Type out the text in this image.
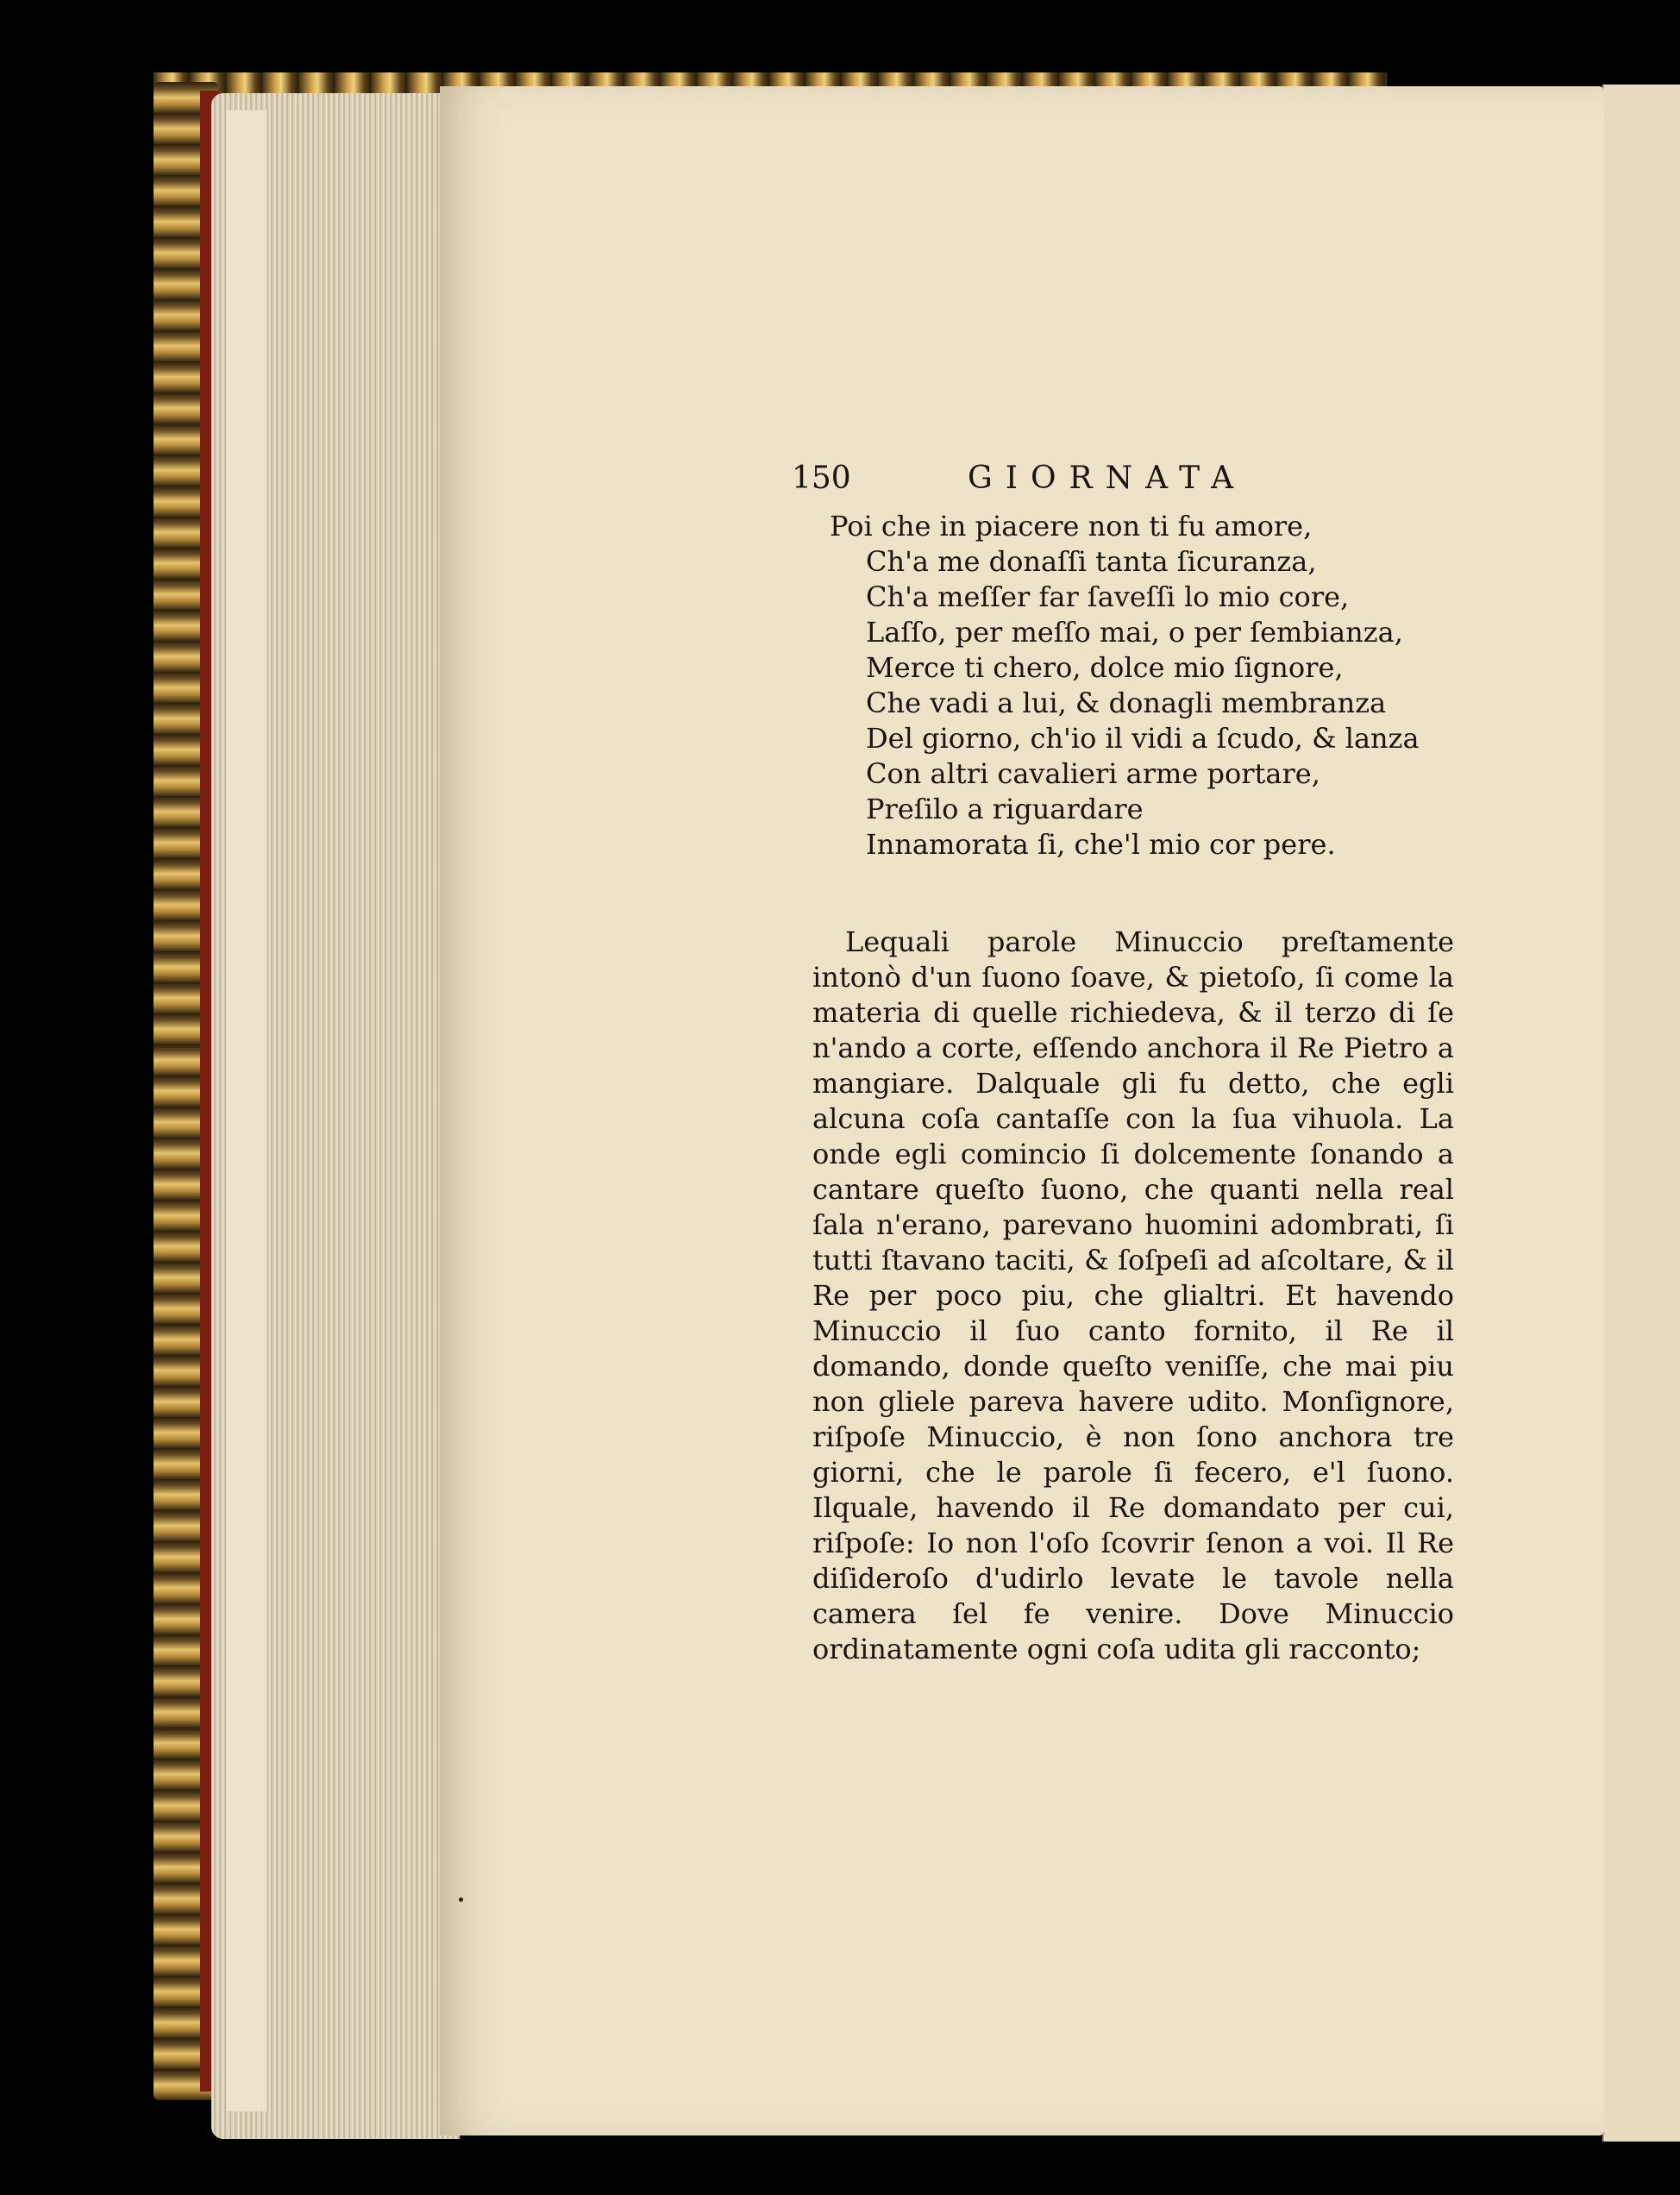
150	GIORNATA
Poi che in piacere non ti fu amore,
Ch'a me donaſſi tanta ſicuranza,
Ch'a meſſer far ſaveſſi lo mio core,
Laſſo, per meſſo mai, o per ſembianza,
Merce ti chero, dolce mio ſignore,
Che vadi a lui, & donagli membranza
Del giorno, ch'io il vidi a ſcudo, & lanza
Con altri cavalieri arme portare,
Preſilo a riguardare
Innamorata ſi, che'l mio cor pere.

Lequali parole Minuccio preſtamente intonò d'un ſuono ſoave, & pietoſo, ſi come la materia di quelle richiedeva, & il terzo di ſe n'ando a corte, eſſendo anchora il Re Pietro a mangiare. Dalquale gli fu detto, che egli alcuna coſa cantaſſe con la ſua vihuola. La onde egli comincio ſi dolcemente ſonando a cantare queſto ſuono, che quanti nella real ſala n'erano, parevano huomini adombrati, ſi tutti ſtavano taciti, & ſoſpeſi ad aſcoltare, & il Re per poco piu, che glialtri. Et havendo Minuccio il ſuo canto fornito, il Re il domando, donde queſto veniſſe, che mai piu non gliele pareva havere udito. Monſignore, riſpoſe Minuccio, è non ſono anchora tre giorni, che le parole ſi fecero, e'l ſuono. Ilquale, havendo il Re domandato per cui, riſpoſe: Io non l'oſo ſcovrir ſenon a voi. Il Re diſideroſo d'udirlo levate le tavole nella camera ſel fe venire. Dove Minuccio ordinatamente ogni coſa udita gli racconto;
